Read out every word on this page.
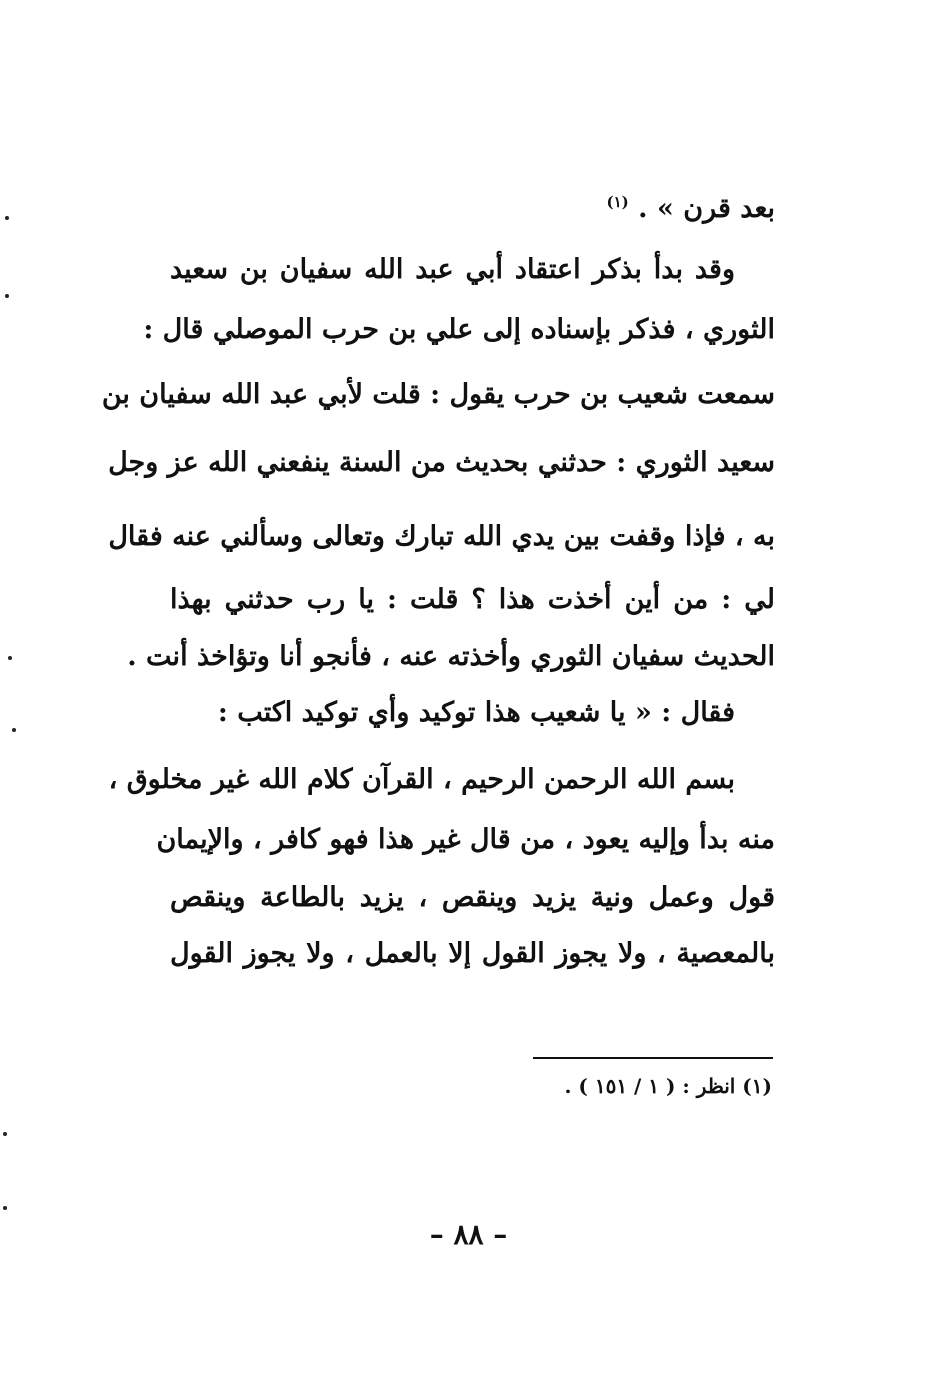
بعد قرن » . $^{(١)}$
وقد بدأ بذكر اعتقاد أبي عبد الله سفيان بن سعيد
الثوري ، فذكر بإسناده إلى علي بن حرب الموصلي قال :
سمعت شعيب بن حرب يقول : قلت لأبي عبد الله سفيان بن
سعيد الثوري : حدثني بحديث من السنة ينفعني الله عز وجل
به ، فإذا وقفت بين يدي الله تبارك وتعالى وسألني عنه فقال
لي : من أين أخذت هذا ؟ قلت : يا رب حدثني بهذا
الحديث سفيان الثوري وأخذته عنه ، فأنجو أنا وتؤاخذ أنت .
فقال : « يا شعيب هذا توكيد وأي توكيد اكتب :
بسم الله الرحمن الرحيم ، القرآن كلام الله غير مخلوق ،
منه بدأ وإليه يعود ، من قال غير هذا فهو كافر ، والإيمان
قول وعمل ونية يزيد وينقص ، يزيد بالطاعة وينقص
بالمعصية ، ولا يجوز القول إلا بالعمل ، ولا يجوز القول
(١) انظر : ( ١ / ١٥١ ) .
– ٨٨ –
